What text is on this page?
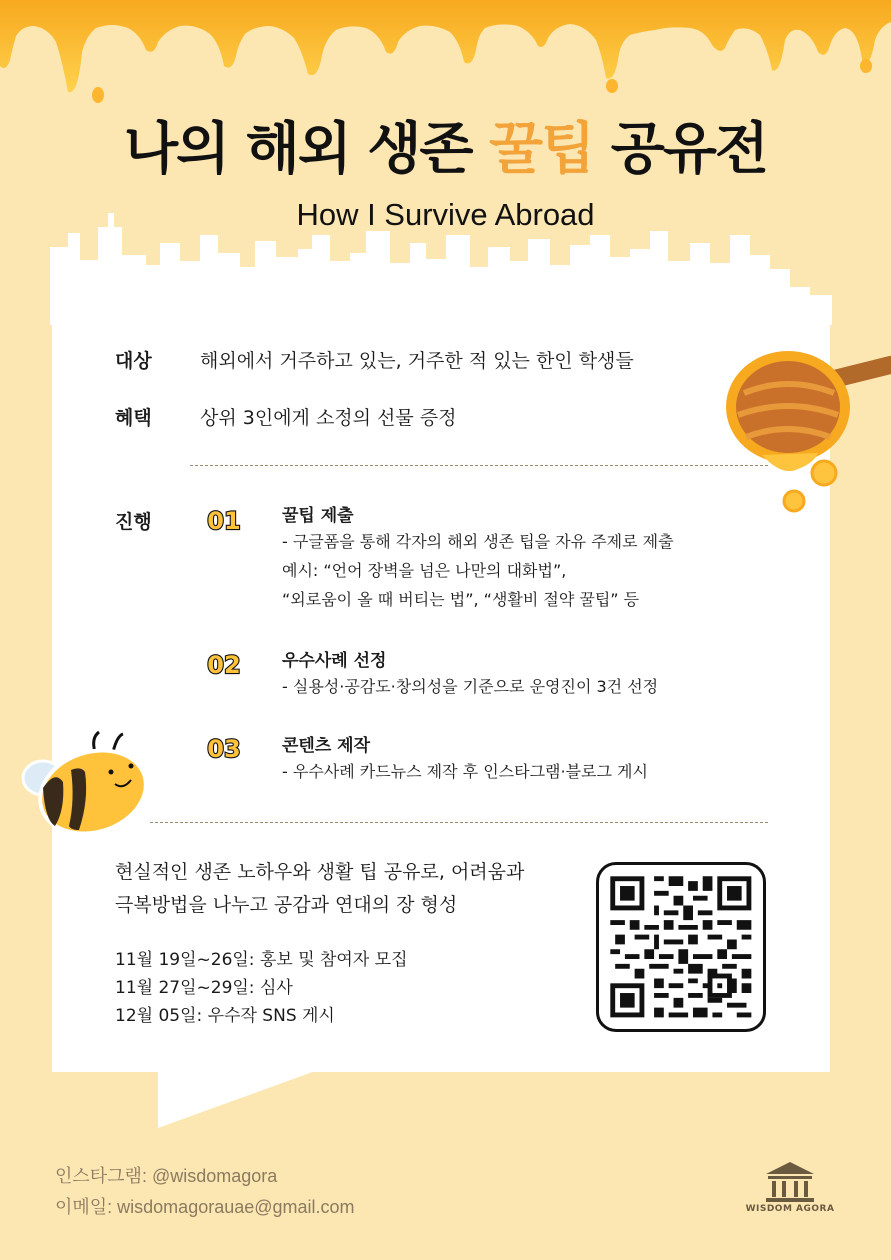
나의 해외 생존 꿀팁 공유전
How I Survive Abroad
대상	해외에서 거주하고 있는, 거주한 적 있는 한인 학생들
혜택	상위 3인에게 소정의 선물 증정
진행 01 꿀팁 제출
- 구글폼을 통해 각자의 해외 생존 팁을 자유 주제로 제출
예시: “언어 장벽을 넘은 나만의 대화법”,
“외로움이 올 때 버티는 법”, “생활비 절약 꿀팁” 등
02 우수사례 선정
- 실용성·공감도·창의성을 기준으로 운영진이 3건 선정
03 콘텐츠 제작
- 우수사례 카드뉴스 제작 후 인스타그램·블로그 게시
현실적인 생존 노하우와 생활 팁 공유로, 어려움과
극복방법을 나누고 공감과 연대의 장 형성
11월 19일~26일: 홍보 및 참여자 모집
11월 27일~29일: 심사
12월 05일: 우수작 SNS 게시
인스타그램: @wisdomagora
이메일: wisdomagorauae@gmail.com	WISDOM AGORA
